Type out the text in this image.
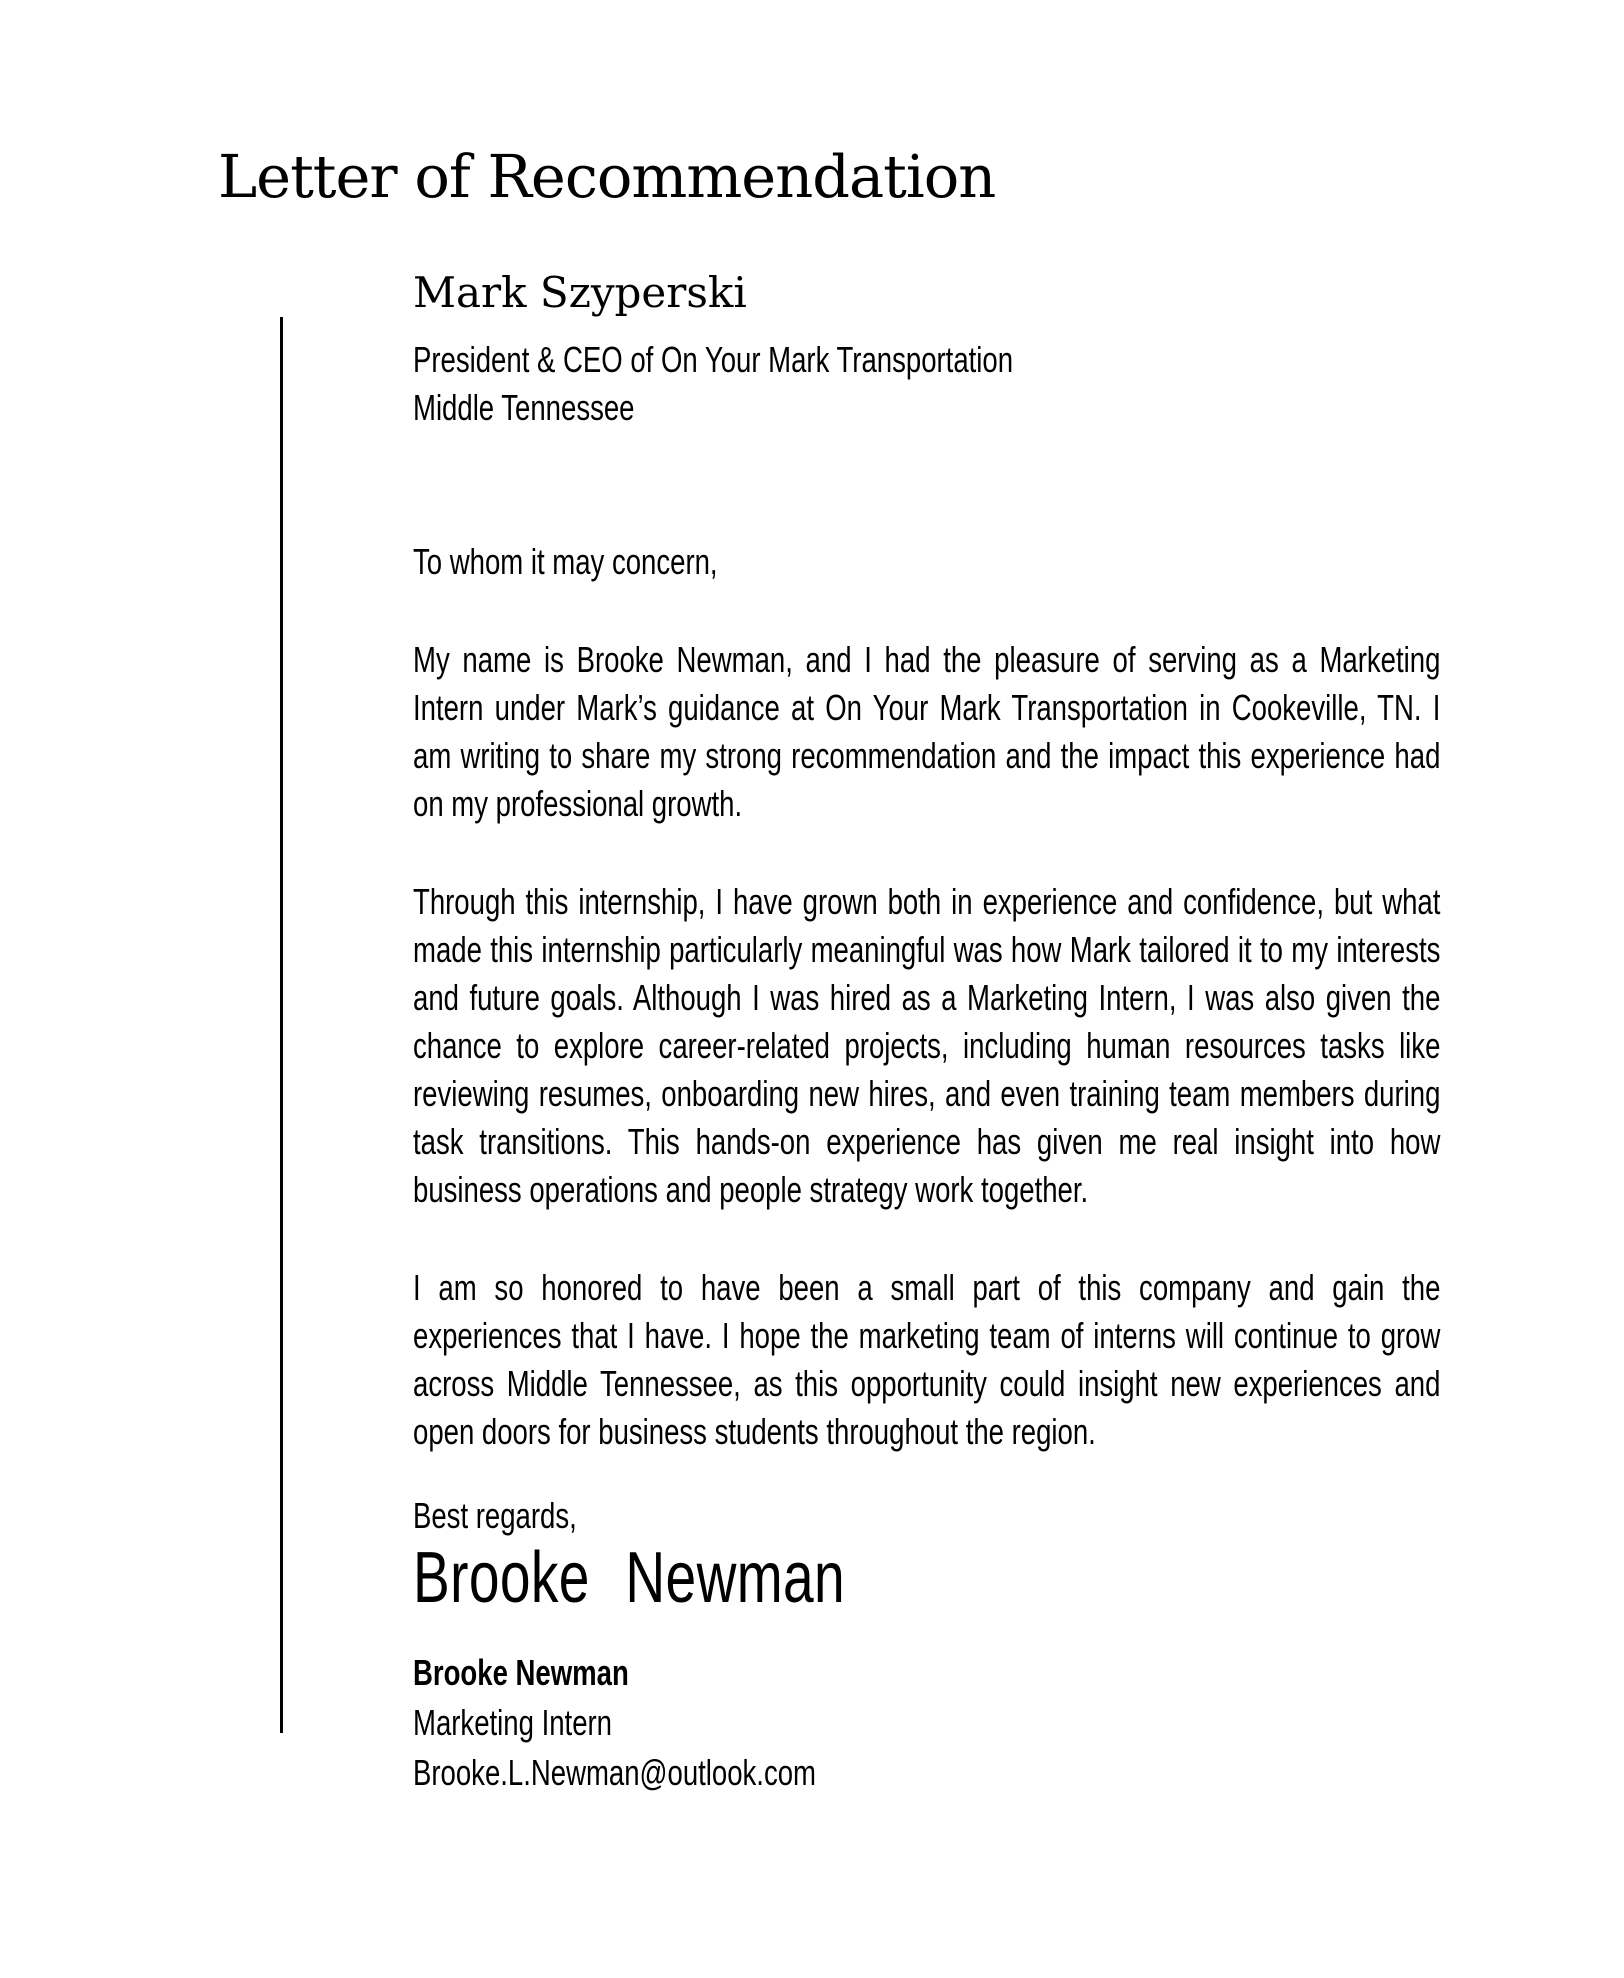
Letter of Recommendation
Mark Szyperski

President & CEO of On Your Mark Transportation

Middle Tennessee

To whom it may concern,

My name is Brooke Newman, and I had the pleasure of serving as a Marketing Intern under Mark’s guidance at On Your Mark Transportation in Cookeville, TN. I am writing to share my strong recommendation and the impact this experience had on my professional growth.

Through this internship, I have grown both in experience and confidence, but what made this internship particularly meaningful was how Mark tailored it to my interests and future goals. Although I was hired as a Marketing Intern, I was also given the chance to explore career-related projects, including human resources tasks like reviewing resumes, onboarding new hires, and even training team members during task transitions. This hands-on experience has given me real insight into how business operations and people strategy work together.

I am so honored to have been a small part of this company and gain the experiences that I have. I hope the marketing team of interns will continue to grow across Middle Tennessee, as this opportunity could insight new experiences and open doors for business students throughout the region.

Best regards,

Brooke Newman

Brooke Newman

Marketing Intern

Brooke.L.Newman@outlook.com
